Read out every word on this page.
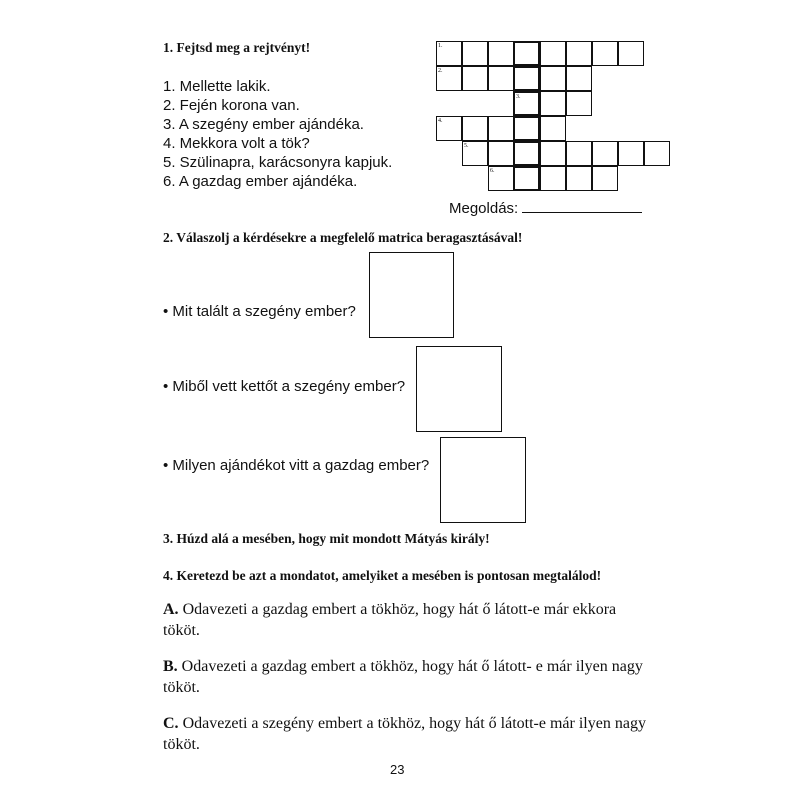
1. Fejtsd meg a rejtvényt!
1. Mellette lakik.
2. Fején korona van.
3. A szegény ember ajándéka.
4. Mekkora volt a tök?
5. Szülinapra, karácsonyra kapjuk.
6. A gazdag ember ajándéka.
1.
2.
3.
4.
5.
6.
Megoldás:
2. Válaszolj a kérdésekre a megfelelő matrica beragasztásával!
• Mit talált a szegény ember?
• Miből vett kettőt a szegény ember?
• Milyen ajándékot vitt a gazdag ember?
3. Húzd alá a mesében, hogy mit mondott Mátyás király!
4. Keretezd be azt a mondatot, amelyiket a mesében is pontosan megtalálod!
A. Odavezeti a gazdag embert a tökhöz, hogy hát ő látott-e már ekkora tököt.
B. Odavezeti a gazdag embert a tökhöz, hogy hát ő látott- e már ilyen nagy tököt.
C. Odavezeti a szegény embert a tökhöz, hogy hát ő látott-e már ilyen nagy tököt.
23
